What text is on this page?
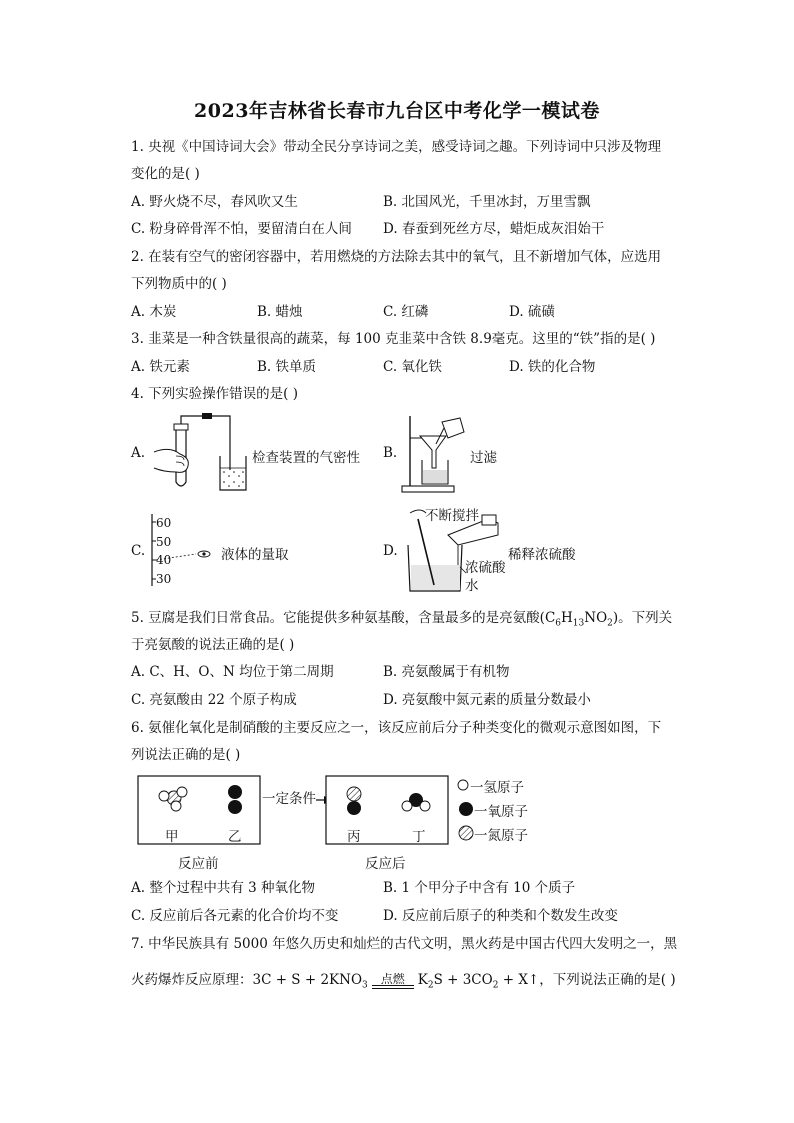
2023年吉林省长春市九台区中考化学一模试卷
1. 央视《中国诗词大会》带动全民分享诗词之美，感受诗词之趣。下列诗词中只涉及物理
变化的是( )
A. 野火烧不尽，春风吹又生	B. 北国风光，千里冰封，万里雪飘
C. 粉身碎骨浑不怕，要留清白在人间 D. 春蚕到死丝方尽，蜡炬成灰泪始干
2. 在装有空气的密闭容器中，若用燃烧的方法除去其中的氧气，且不新增加气体，应选用
下列物质中的( )
A. 木炭	B. 蜡烛	C. 红磷	D. 硫磺
3. 韭菜是一种含铁量很高的蔬菜，每 100 克韭菜中含铁 8.9毫克。这里的“铁”指的是( )
A. 铁元素	B. 铁单质	C. 氧化铁	D. 铁的化合物
4. 下列实验操作错误的是( )
A.	检查装置的气密性 B.	过滤
C.
60
50
40
30
液体的量取	D.
不断搅拌
稀释浓硫酸
浓硫酸
水
5. 豆腐是我们日常食品。它能提供多种氨基酸，含量最多的是亮氨酸$(C_6H_{13}NO_2)$。下列关
于亮氨酸的说法正确的是( )
A. C、H、O、N 均位于第二周期	B. 亮氨酸属于有机物
C. 亮氨酸由 22 个原子构成	D. 亮氨酸中氮元素的质量分数最小
6. 氨催化氧化是制硝酸的主要反应之一，该反应前后分子种类变化的微观示意图如图，下
列说法正确的是( )
一定条件
甲	乙	丙	丁
反应前	反应后
一氢原子
一氧原子
一氮原子
A. 整个过程中共有 3 种氧化物	B. 1 个甲分子中含有 10 个质子
C. 反应前后各元素的化合价均不变	D. 反应前后原子的种类和个数发生改变
7. 中华民族具有 5000 年悠久历史和灿烂的古代文明，黑火药是中国古代四大发明之一，黑
火药爆炸反应原理：$3C + S + 2KNO_3$
点燃 $K_2S + 3CO_2$ + X↑，下列说法正确的是( )
